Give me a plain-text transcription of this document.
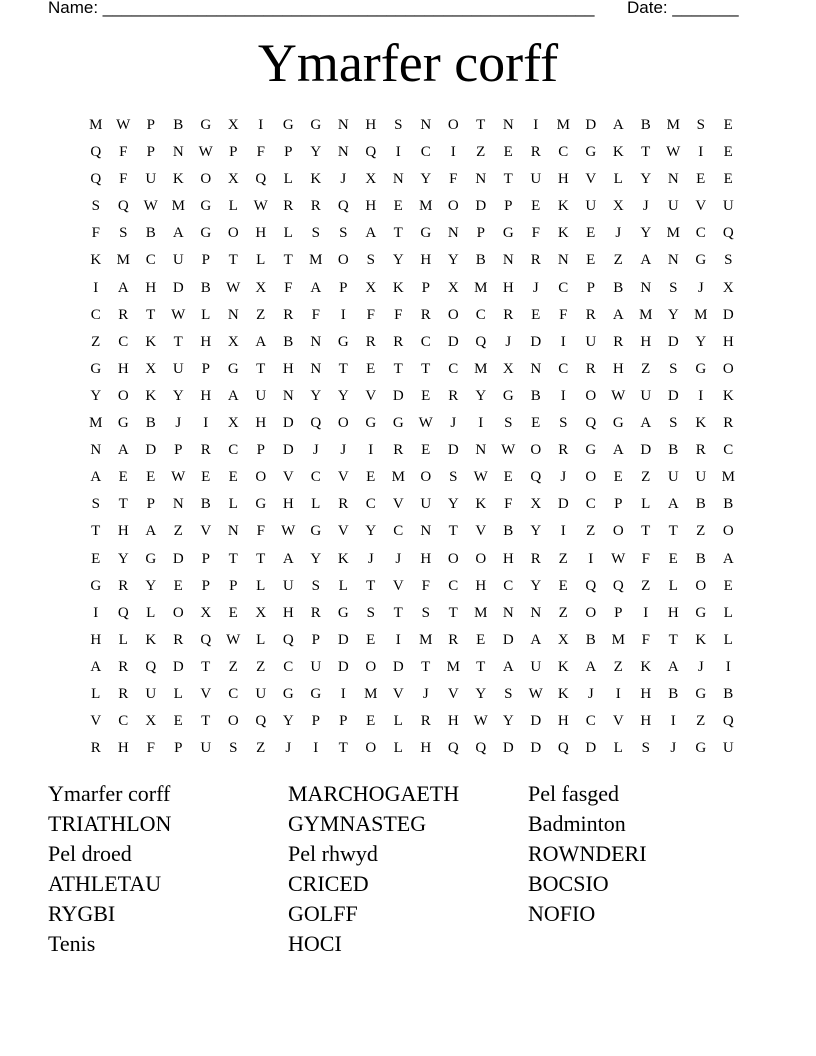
Name: ____________________________________________________ Date: _______
Ymarfer corff
M W	P	B	G	X	I	G	G	N	H	S	N	O	T	N	I	M	D	A	B	M	S	E
Q	F	P	N W	P	F	P	Y	N	Q	I	C	I	Z	E	R	C	G	K	T	W	I	E
Q	F	U	K	O	X	Q	L	K	J	X	N	Y	F	N	T	U	H	V	L	Y	N	E	E
S	Q W M	G	L	W	R	R	Q	H	E	M	O	D	P	E	K	U	X	J	U	V	U
F	S	B	A	G	O	H	L	S	S	A	T	G	N	P	G	F	K	E	J	Y	M	C	Q
K	M	C	U	P	T	L	T	M	O	S	Y	H	Y	B	N	R	N	E	Z	A	N	G	S
I	A	H	D	B	W	X	F	A	P	X	K	P	X	M	H	J	C	P	B	N	S	J	X
C	R	T	W	L	N	Z	R	F	I	F	F	R	O	C	R	E	F	R	A	M	Y	M	D
Z	C	K	T	H	X	A	B	N	G	R	R	C	D	Q	J	D	I	U	R	H	D	Y	H
G	H	X	U	P	G	T	H	N	T	E	T	T	C	M	X	N	C	R	H	Z	S	G	O
Y	O	K	Y	H	A	U	N	Y	Y	V	D	E	R	Y	G	B	I	O W	U	D	I	K
M	G	B	J	I	X	H	D	Q	O	G	G W	J	I	S	E	S	Q	G	A	S	K	R
N	A	D	P	R	C	P	D	J	J	I	R	E	D	N W	O	R	G	A	D	B	R	C
A	E	E	W	E	E	O	V	C	V	E	M	O	S	W	E	Q	J	O	E	Z	U	U	M
S	T	P	N	B	L	G	H	L	R	C	V	U	Y	K	F	X	D	C	P	L	A	B	B
T	H	A	Z	V	N	F	W	G	V	Y	C	N	T	V	B	Y	I	Z	O	T	T	Z	O
E	Y	G	D	P	T	T	A	Y	K	J	J	H	O	O	H	R	Z	I	W	F	E	B	A
G	R	Y	E	P	P	L	U	S	L	T	V	F	C	H	C	Y	E	Q	Q	Z	L	O	E
I	Q	L	O	X	E	X	H	R	G	S	T	S	T	M	N	N	Z	O	P	I	H	G	L
H	L	K	R	Q W	L	Q	P	D	E	I	M	R	E	D	A	X	B	M	F	T	K	L
A	R	Q	D	T	Z	Z	C	U	D	O	D	T	M	T	A	U	K	A	Z	K	A	J	I
L	R	U	L	V	C	U	G	G	I	M	V	J	V	Y	S	W	K	J	I	H	B	G	B
V	C	X	E	T	O	Q	Y	P	P	E	L	R	H W	Y	D	H	C	V	H	I	Z	Q
R	H	F	P	U	S	Z	J	I	T	O	L	H	Q	Q	D	D	Q	D	L	S	J	G	U
Ymarfer corff
TRIATHLON
Pel droed
ATHLETAU
RYGBI
Tenis
MARCHOGAETH
GYMNASTEG
Pel rhwyd
CRICED
GOLFF
HOCI
Pel fasged
Badminton
ROWNDERI
BOCSIO
NOFIO
